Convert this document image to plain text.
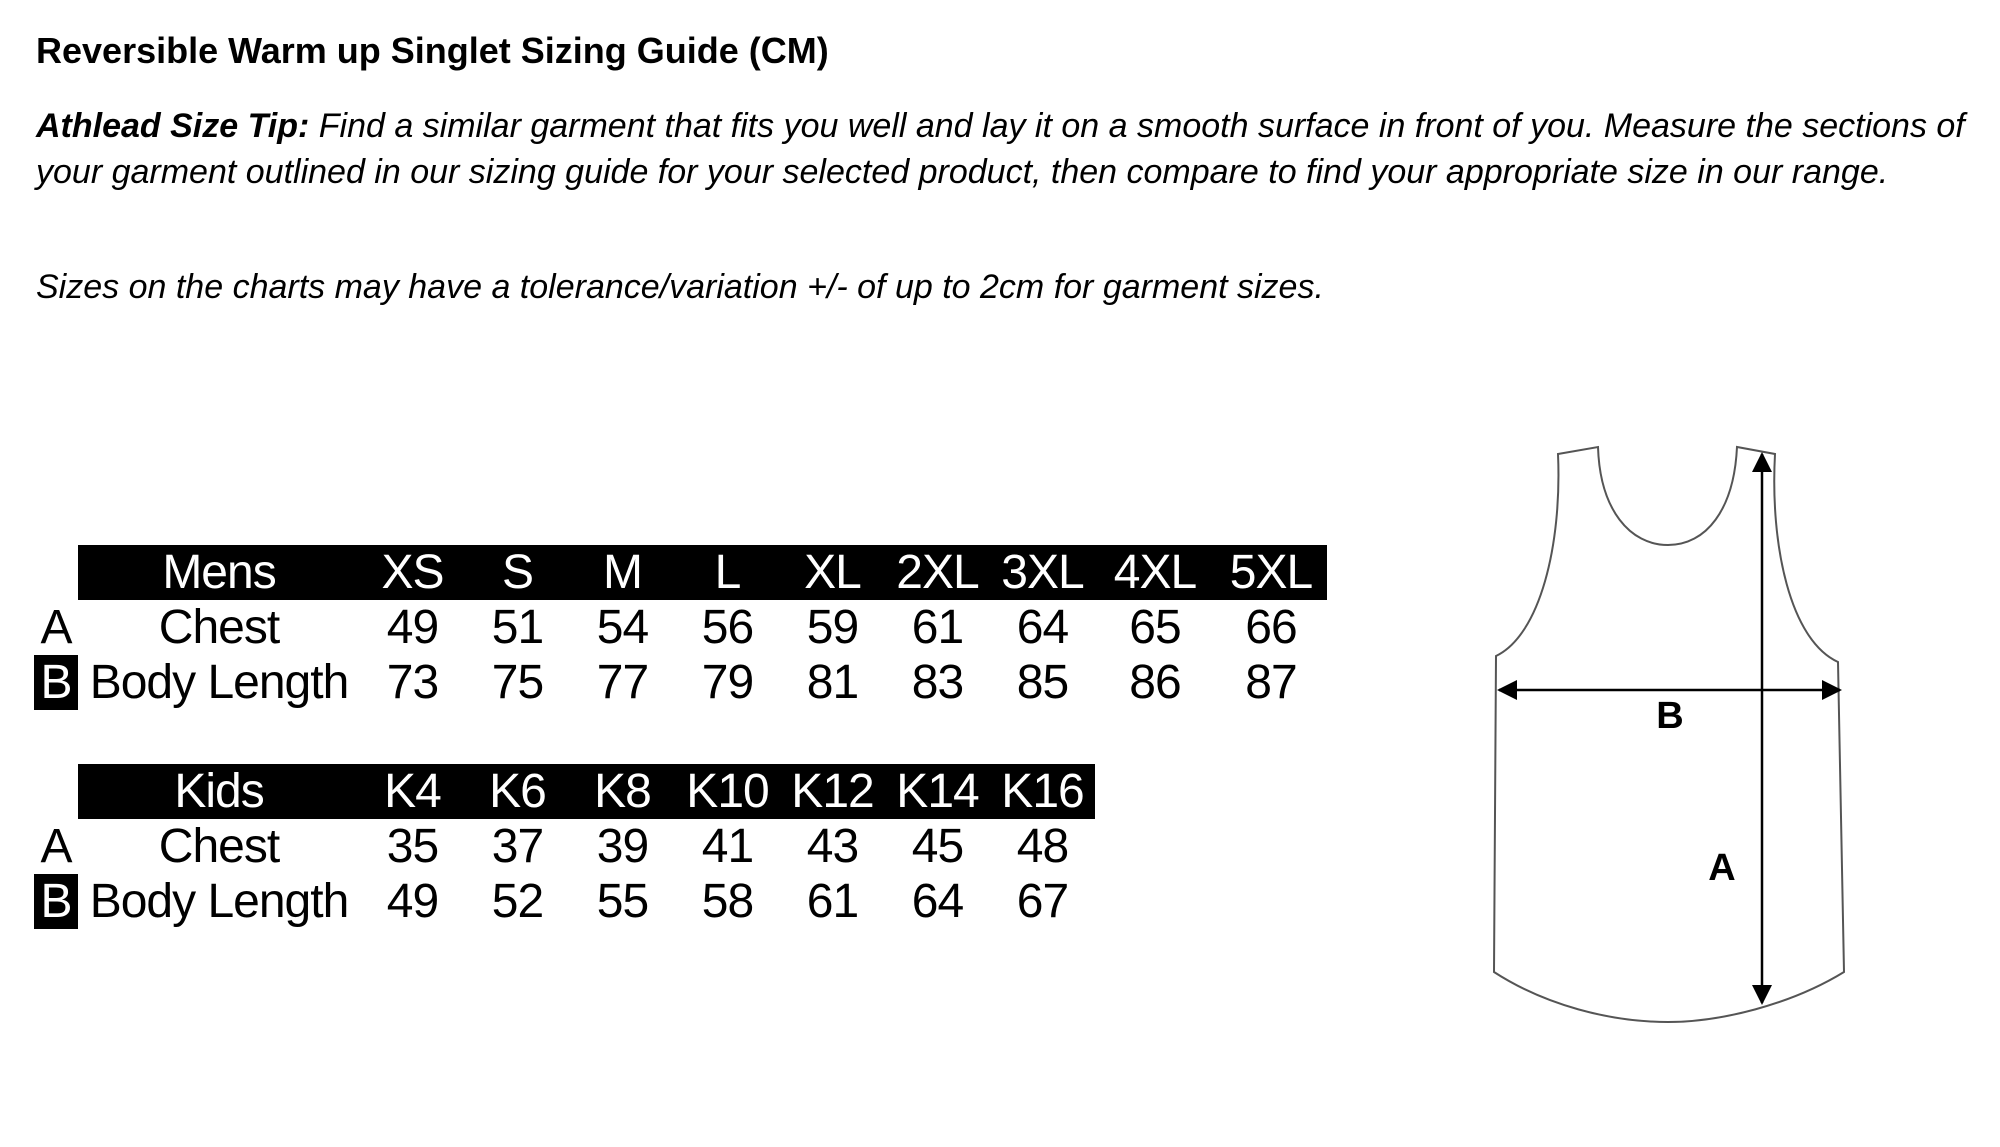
Reversible Warm up Singlet Sizing Guide (CM)
Athlead Size Tip: Find a similar garment that fits you well and lay it on a smooth surface in front of you. Measure the sections of your garment outlined in our sizing guide for your selected product, then compare to find your appropriate size in our range.
Sizes on the charts may have a tolerance/variation +/- of up to 2cm for garment sizes.
	Mens	XS	S	M	L	XL	2XL	3XL	4XL	5XL
A	Chest	49	51	54	56	59	61	64	65	66
B	Body Length	73	75	77	79	81	83	85	86	87
	Kids	K4	K6	K8	K10	K12	K14	K16
A	Chest	35	37	39	41	43	45	48
B	Body Length	49	52	55	58	61	64	67
B
A
